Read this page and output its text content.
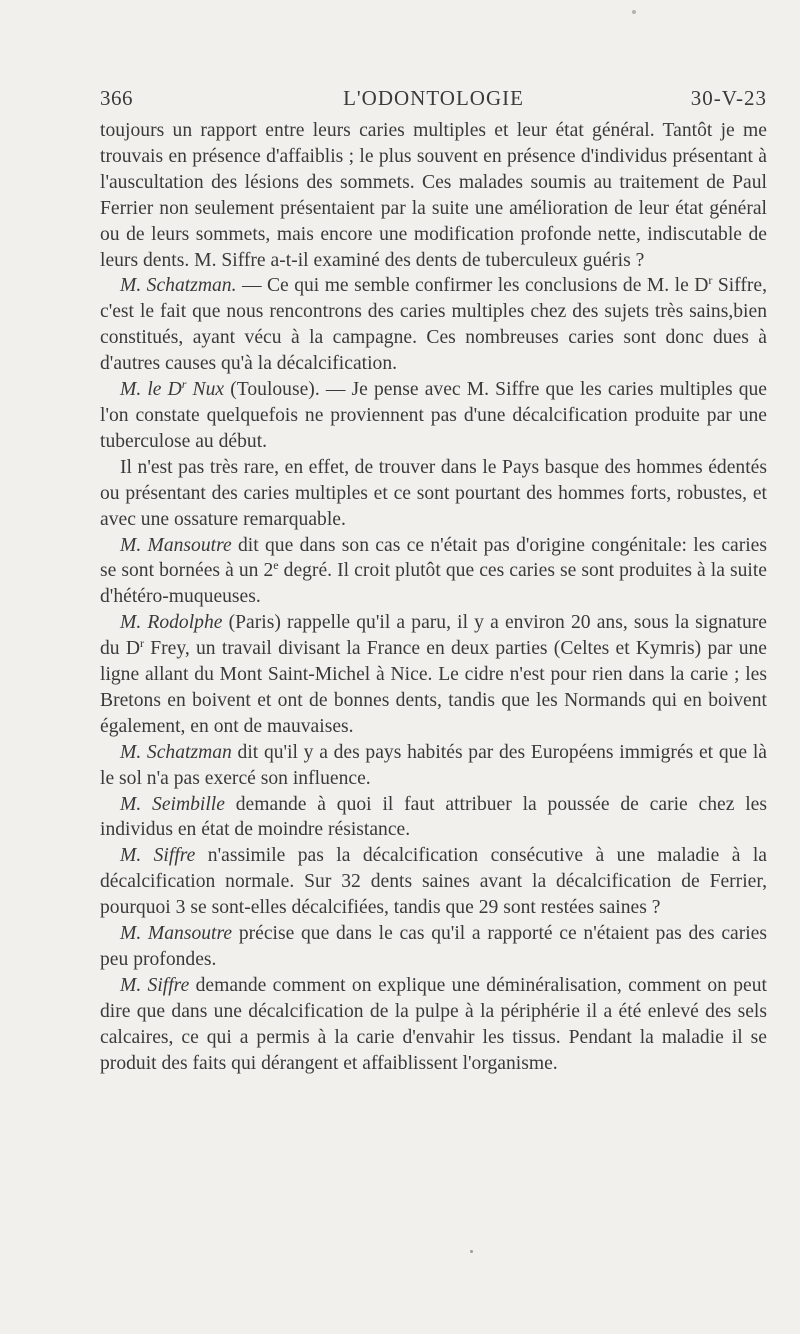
366	L'ODONTOLOGIE	30-V-23

toujours un rapport entre leurs caries multiples et leur état général. Tantôt je me trouvais en présence d'affaiblis ; le plus souvent en présence d'individus présentant à l'auscultation des lésions des sommets. Ces malades soumis au traitement de Paul Ferrier non seulement présentaient par la suite une amélioration de leur état général ou de leurs sommets, mais encore une modification profonde nette, indiscutable de leurs dents. M. Siffre a-t-il examiné des dents de tuberculeux guéris ?

M. Schatzman. — Ce qui me semble confirmer les conclusions de M. le $D^r$ Siffre, c'est le fait que nous rencontrons des caries multiples chez des sujets très sains,bien constitués, ayant vécu à la campagne. Ces nombreuses caries sont donc dues à d'autres causes qu'à la décalcification.

M. le $D^r$ Nux (Toulouse). — Je pense avec M. Siffre que les caries multiples que l'on constate quelquefois ne proviennent pas d'une décalcification produite par une tuberculose au début.

Il n'est pas très rare, en effet, de trouver dans le Pays basque des hommes édentés ou présentant des caries multiples et ce sont pourtant des hommes forts, robustes, et avec une ossature remarquable.

M. Mansoutre dit que dans son cas ce n'était pas d'origine congénitale: les caries se sont bornées à un 2e degré. Il croit plutôt que ces caries se sont produites à la suite d'hétéro-muqueuses.

M. Rodolphe (Paris) rappelle qu'il a paru, il y a environ 20 ans, sous la signature du $D^r$ Frey, un travail divisant la France en deux parties (Celtes et Kymris) par une ligne allant du Mont Saint-Michel à Nice. Le cidre n'est pour rien dans la carie ; les Bretons en boivent et ont de bonnes dents, tandis que les Normands qui en boivent également, en ont de mauvaises.

M. Schatzman dit qu'il y a des pays habités par des Européens immigrés et que là le sol n'a pas exercé son influence.

M. Seimbille demande à quoi il faut attribuer la poussée de carie chez les individus en état de moindre résistance.

M. Siffre n'assimile pas la décalcification consécutive à une maladie à la décalcification normale. Sur 32 dents saines avant la décalcification de Ferrier, pourquoi 3 se sont-elles décalcifiées, tandis que 29 sont restées saines ?

M. Mansoutre précise que dans le cas qu'il a rapporté ce n'étaient pas des caries peu profondes.

M. Siffre demande comment on explique une déminéralisation, comment on peut dire que dans une décalcification de la pulpe à la périphérie il a été enlevé des sels calcaires, ce qui a permis à la carie d'envahir les tissus. Pendant la maladie il se produit des faits qui dérangent et affaiblissent l'organisme.
